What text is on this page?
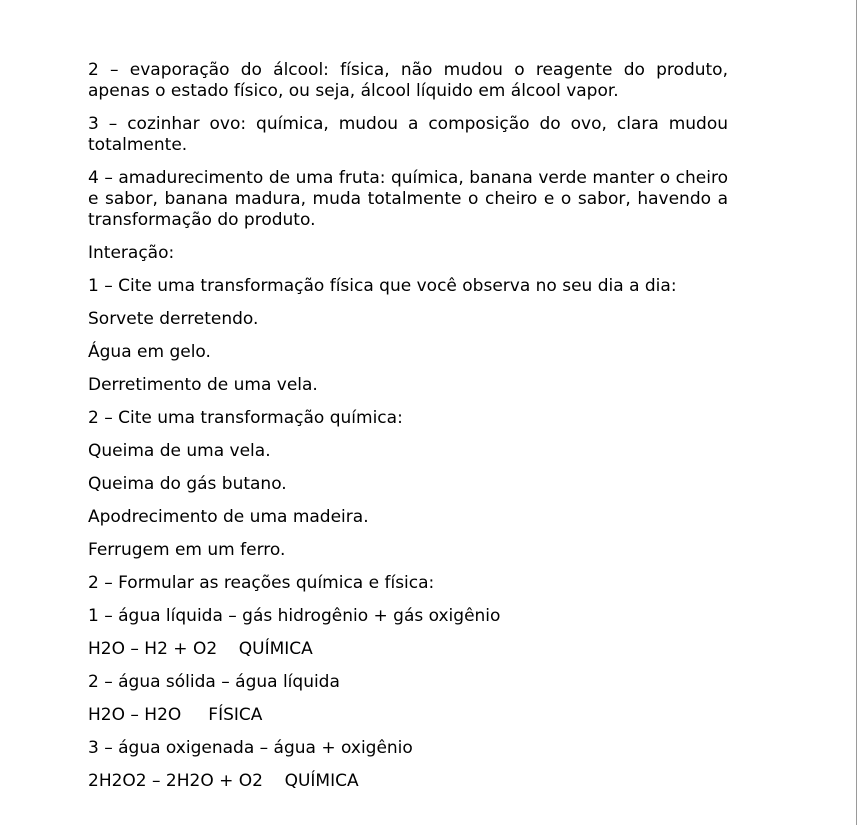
2 – evaporação do álcool: física, não mudou o reagente do produto, apenas o estado físico, ou seja, álcool líquido em álcool vapor.

3 – cozinhar ovo: química, mudou a composição do ovo, clara mudou totalmente.

4 – amadurecimento de uma fruta: química, banana verde manter o cheiro e sabor, banana madura, muda totalmente o cheiro e o sabor, havendo a transformação do produto.

Interação:

1 – Cite uma transformação física que você observa no seu dia a dia:

Sorvete derretendo.

Água em gelo.

Derretimento de uma vela.

2 – Cite uma transformação química:

Queima de uma vela.

Queima do gás butano.

Apodrecimento de uma madeira.

Ferrugem em um ferro.

2 – Formular as reações química e física:

1 – água líquida – gás hidrogênio + gás oxigênio

H2O – H2 + O2    QUÍMICA

2 – água sólida – água líquida

H2O – H2O     FÍSICA

3 – água oxigenada – água + oxigênio

2H2O2 – 2H2O + O2    QUÍMICA
